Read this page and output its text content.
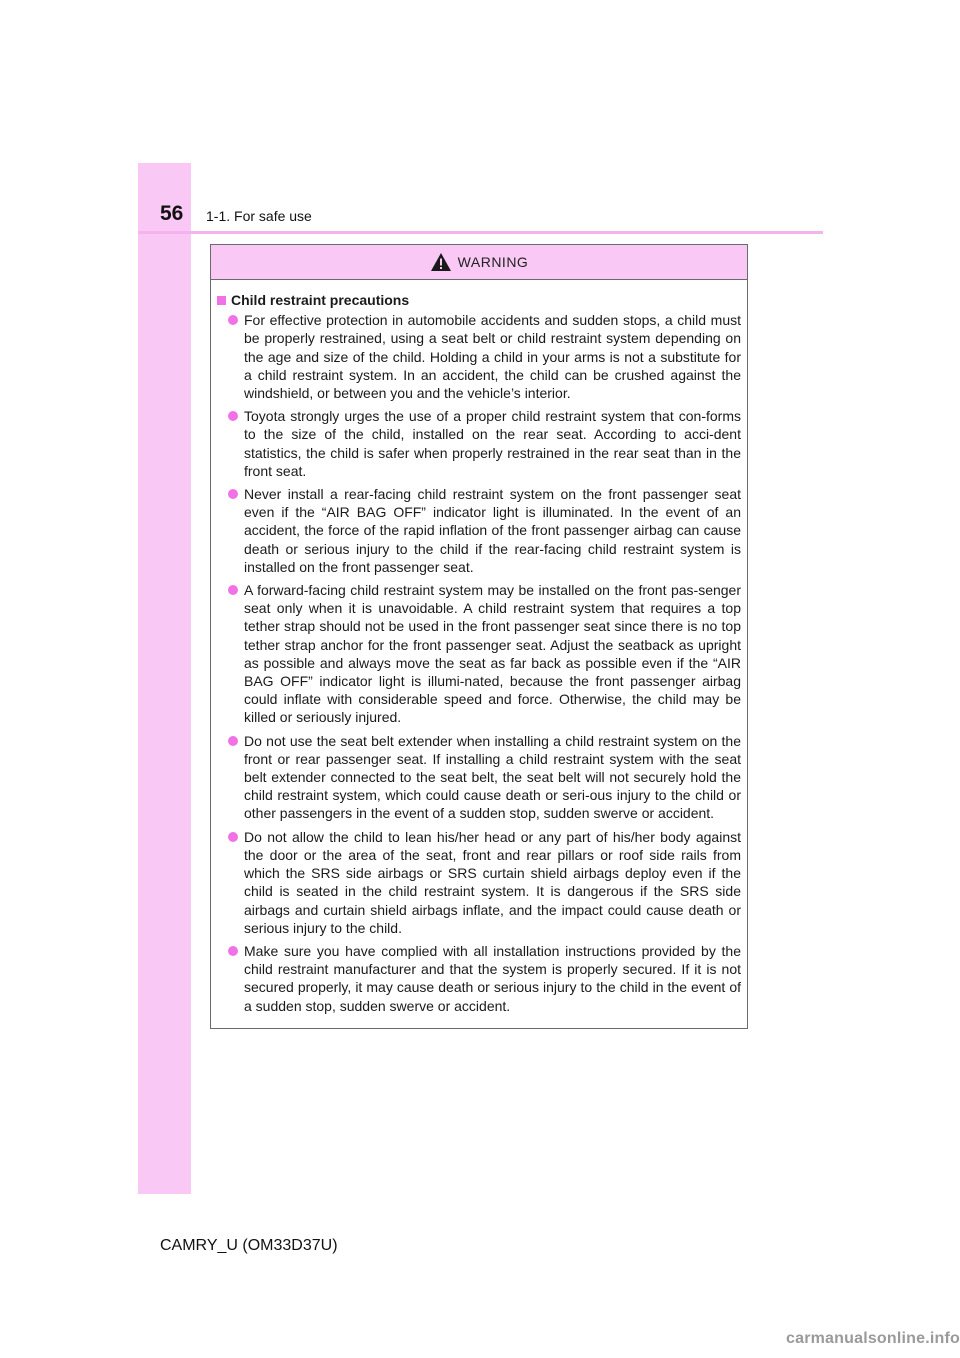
56 1-1. For safe use
WARNING
Child restraint precautions
For effective protection in automobile accidents and sudden stops, a child must be properly restrained, using a seat belt or child restraint system depending on the age and size of the child. Holding a child in your arms is not a substitute for a child restraint system. In an accident, the child can be crushed against the windshield, or between you and the vehicle’s interior.
Toyota strongly urges the use of a proper child restraint system that con-forms to the size of the child, installed on the rear seat. According to acci-dent statistics, the child is safer when properly restrained in the rear seat than in the front seat.
Never install a rear-facing child restraint system on the front passenger seat even if the “AIR BAG OFF” indicator light is illuminated. In the event of an accident, the force of the rapid inflation of the front passenger airbag can cause death or serious injury to the child if the rear-facing child restraint system is installed on the front passenger seat.
A forward-facing child restraint system may be installed on the front pas-senger seat only when it is unavoidable. A child restraint system that requires a top tether strap should not be used in the front passenger seat since there is no top tether strap anchor for the front passenger seat. Adjust the seatback as upright as possible and always move the seat as far back as possible even if the “AIR BAG OFF” indicator light is illumi-nated, because the front passenger airbag could inflate with considerable speed and force. Otherwise, the child may be killed or seriously injured.
Do not use the seat belt extender when installing a child restraint system on the front or rear passenger seat. If installing a child restraint system with the seat belt extender connected to the seat belt, the seat belt will not securely hold the child restraint system, which could cause death or seri-ous injury to the child or other passengers in the event of a sudden stop, sudden swerve or accident.
Do not allow the child to lean his/her head or any part of his/her body against the door or the area of the seat, front and rear pillars or roof side rails from which the SRS side airbags or SRS curtain shield airbags deploy even if the child is seated in the child restraint system. It is dangerous if the SRS side airbags and curtain shield airbags inflate, and the impact could cause death or serious injury to the child.
Make sure you have complied with all installation instructions provided by the child restraint manufacturer and that the system is properly secured. If it is not secured properly, it may cause death or serious injury to the child in the event of a sudden stop, sudden swerve or accident.
CAMRY_U (OM33D37U)
carmanualsonline.info
